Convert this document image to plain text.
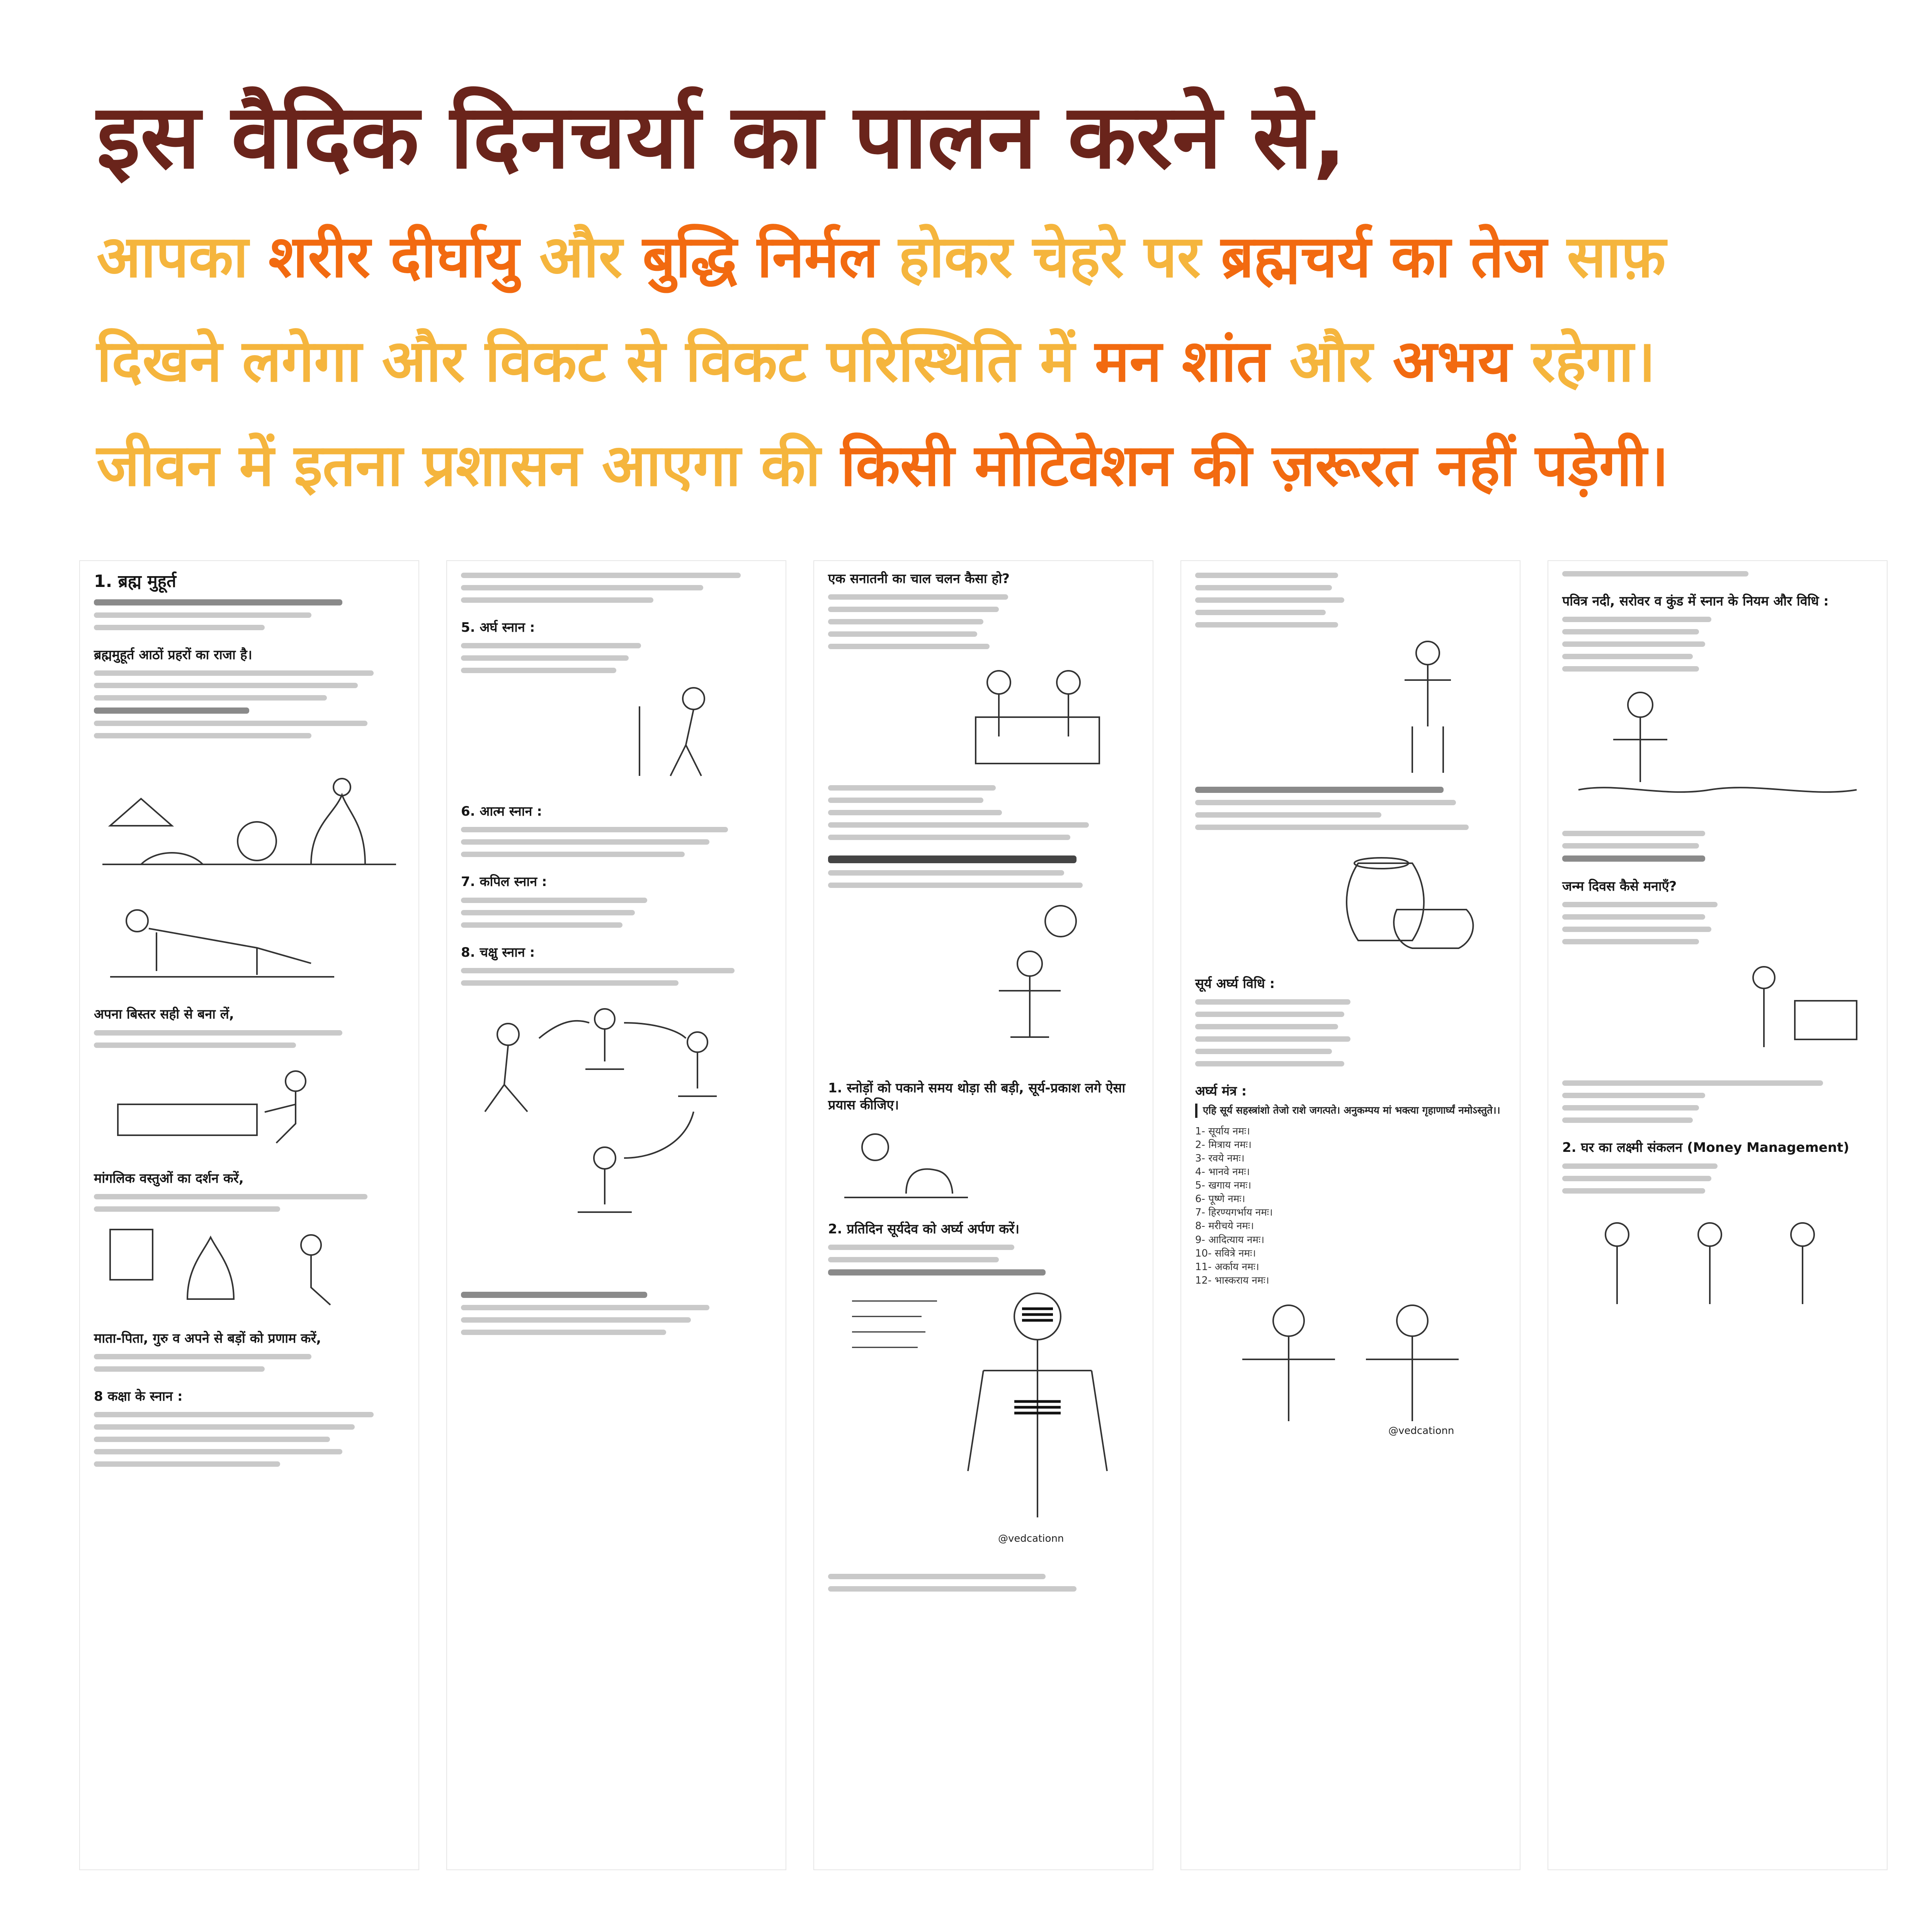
इस वैदिक दिनचर्या का पालन करने से,
आपका शरीर दीर्घायु और बुद्धि निर्मल होकर चेहरे पर ब्रह्मचर्य का तेज साफ़
दिखने लगेगा और विकट से विकट परिस्थिति में मन शांत और अभय रहेगा।
जीवन में इतना प्रशासन आएगा की किसी मोटिवेशन की ज़रूरत नहीं पड़ेगी।
1. ब्रह्म मुहूर्त
ब्रह्ममुहूर्त आठों प्रहरों का राजा है।
अपना बिस्तर सही से बना लें,
मांगलिक वस्तुओं का दर्शन करें,
माता-पिता, गुरु व अपने से बड़ों को प्रणाम करें,
8 कक्षा के स्नान :
5. अर्घ स्नान :
6. आत्म स्नान :
7. कपिल स्नान :
8. चक्षु स्नान :
एक सनातनी का चाल चलन कैसा हो?
1. स्नोड़ों को पकाने समय थोड़ा सी बड़ी, सूर्य-प्रकाश लगे ऐसा प्रयास कीजिए।
2. प्रतिदिन सूर्यदेव को अर्घ्य अर्पण करें।
@vedcationn
सूर्य अर्घ्य विधि :
अर्घ्य मंत्र :
एहि सूर्य सहस्त्रांशो तेजो राशे जगत्पते। अनुकम्पय मां भक्त्या गृहाणार्घ्यं नमोऽस्तुते।।
1- सूर्याय नमः।
2- मित्राय नमः।
3- रवये नमः।
4- भानवे नमः।
5- खगाय नमः।
6- पूष्णे नमः।
7- हिरण्यगर्भाय नमः।
8- मरीचये नमः।
9- आदित्याय नमः।
10- सवित्रे नमः।
11- अर्काय नमः।
12- भास्कराय नमः।
@vedcationn
पवित्र नदी, सरोवर व कुंड में स्नान के नियम और विधि :
जन्म दिवस कैसे मनाएँ?
2. घर का लक्ष्मी संकलन (Money Management)
